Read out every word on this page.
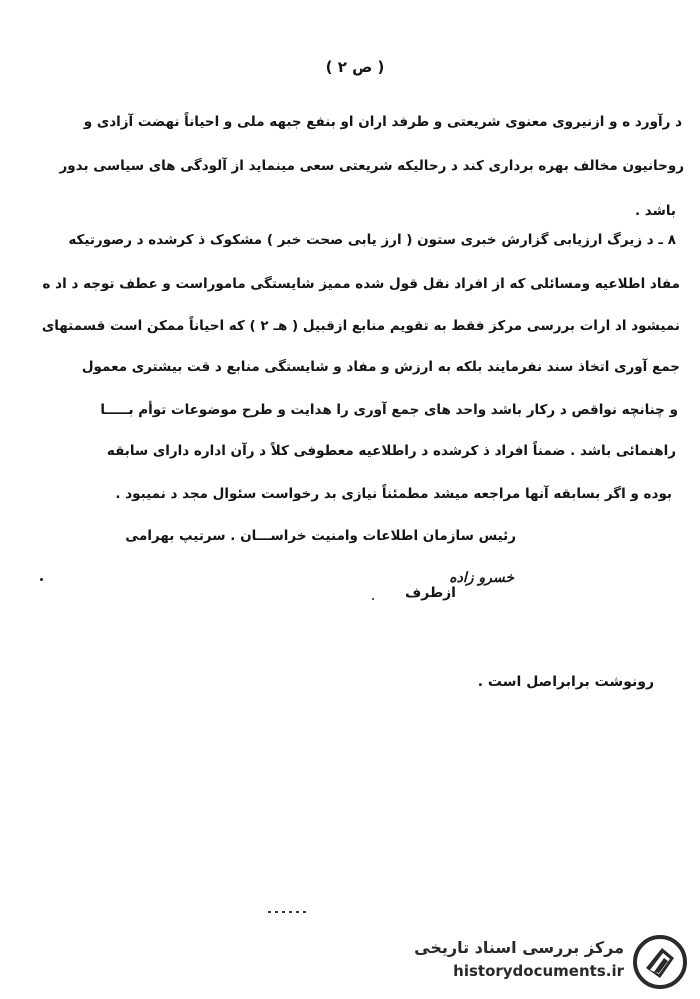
( ص ٢ )
د رآورد ه و ازنیروی معنوی شریعتی و طرفد اران او بنفع جبهه ملی و احیاناً نهضت آزادی و
روحانیون مخالف بهره برداری کند د رحالیکه شریعتی سعی مینماید از آلودگی های سیاسی بدور
باشد .
٨ ـ د زیرگ ارزیابی گزارش خبری ستون ( ارز یابی صحت خبر ) مشکوک ذ کرشده د رصورتیکه
مفاد اطلاعیه ومسائلی که از افراد نقل قول شده ممیز شایستگی ماموراست و عطف توجه د اد ه
نمیشود اد ارات بررسی مرکز فقط به تقویم منابع ازقبیل ( هـ ٢ ) که احیاناً ممکن است قسمتهای
جمع آوری اتخاذ سند نفرمایند بلکه به ارزش و مفاد و شایستگی منابع د قت بیشتری معمول
و چنانچه نواقص د رکار باشد واحد های جمع آوری را هدایت و طرح موضوعات توأم بـــــا
راهنمائی باشد . ضمناً افراد ذ کرشده د راطلاعیه معطوفی کلاً د رآن اداره دارای سابقه
بوده و اگر بسابقه آنها مراجعه میشد مطمئناً نیازی بد رخواست سئوال مجد د نمیبود .
رئیس سازمان اطلاعات وامنیت خراســـان . سرتیپ بهرامی
خسرو زاده
ازطرف
رونوشت برابراصل است .
مرکز بررسی اسناد تاریخی
historydocuments.ir
